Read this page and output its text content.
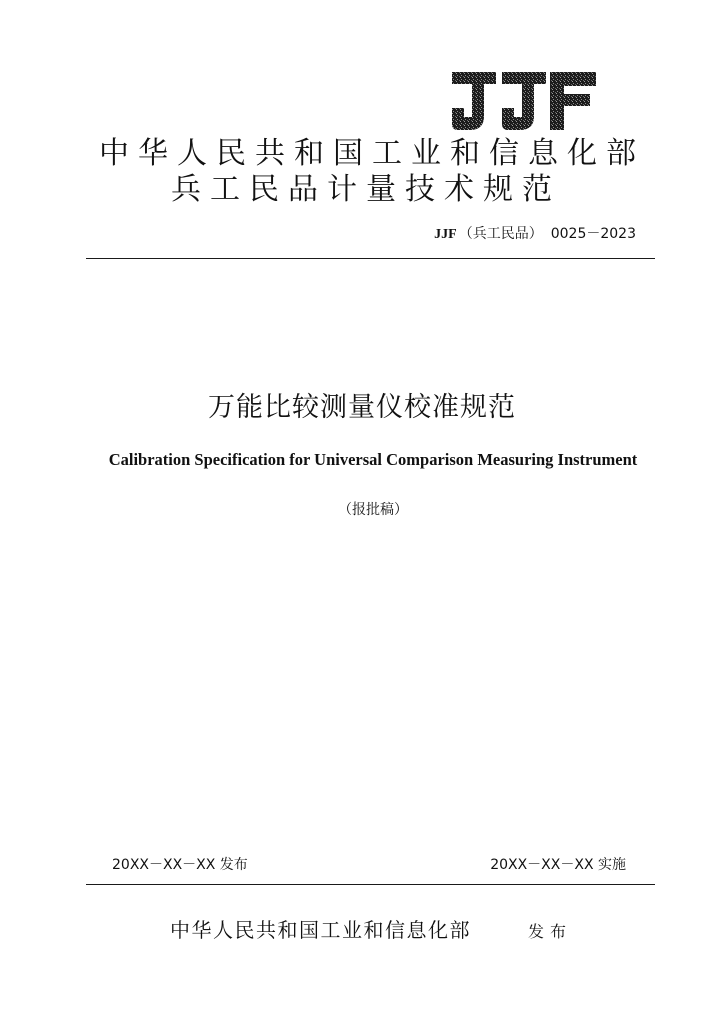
中华人民共和国工业和信息化部
兵工民品计量技术规范
JJF （兵工民品） 0025－2023
万能比较测量仪校准规范
Calibration Specification for Universal Comparison Measuring Instrument
（报批稿）
20XX－XX－XX 发布	20XX－XX－XX 实施
中华人民共和国工业和信息化部	发布
